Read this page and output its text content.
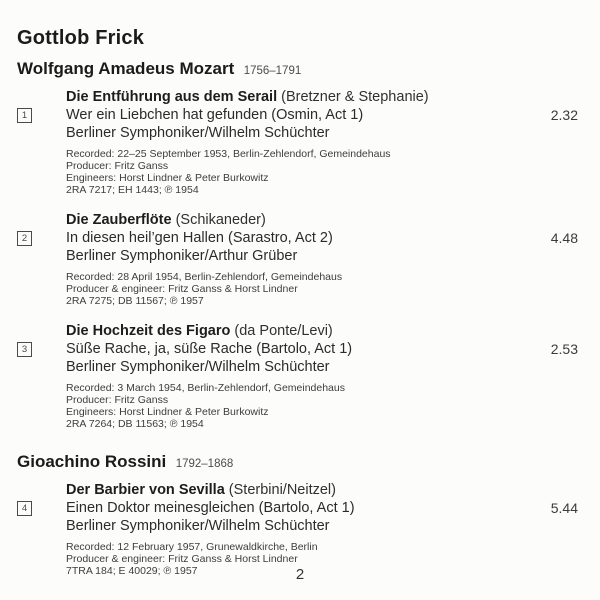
Gottlob Frick
Wolfgang Amadeus Mozart 1756–1791
Die Entführung aus dem Serail (Bretzner & Stephanie)
1	Wer ein Liebchen hat gefunden (Osmin, Act 1)	2.32
Berliner Symphoniker/Wilhelm Schüchter
Recorded: 22–25 September 1953, Berlin-Zehlendorf, Gemeindehaus
Producer: Fritz Ganss
Engineers: Horst Lindner & Peter Burkowitz
2RA 7217; EH 1443; ℗ 1954
Die Zauberflöte (Schikaneder)
2	In diesen heil’gen Hallen (Sarastro, Act 2)	4.48
Berliner Symphoniker/Arthur Grüber
Recorded: 28 April 1954, Berlin-Zehlendorf, Gemeindehaus
Producer & engineer: Fritz Ganss & Horst Lindner
2RA 7275; DB 11567; ℗ 1957
Die Hochzeit des Figaro (da Ponte/Levi)
3	Süße Rache, ja, süße Rache (Bartolo, Act 1)	2.53
Berliner Symphoniker/Wilhelm Schüchter
Recorded: 3 March 1954, Berlin-Zehlendorf, Gemeindehaus
Producer: Fritz Ganss
Engineers: Horst Lindner & Peter Burkowitz
2RA 7264; DB 11563; ℗ 1954
Gioachino Rossini 1792–1868
Der Barbier von Sevilla (Sterbini/Neitzel)
4	Einen Doktor meinesgleichen (Bartolo, Act 1)	5.44
Berliner Symphoniker/Wilhelm Schüchter
Recorded: 12 February 1957, Grunewaldkirche, Berlin
Producer & engineer: Fritz Ganss & Horst Lindner
7TRA 184; E 40029; ℗ 1957	2
